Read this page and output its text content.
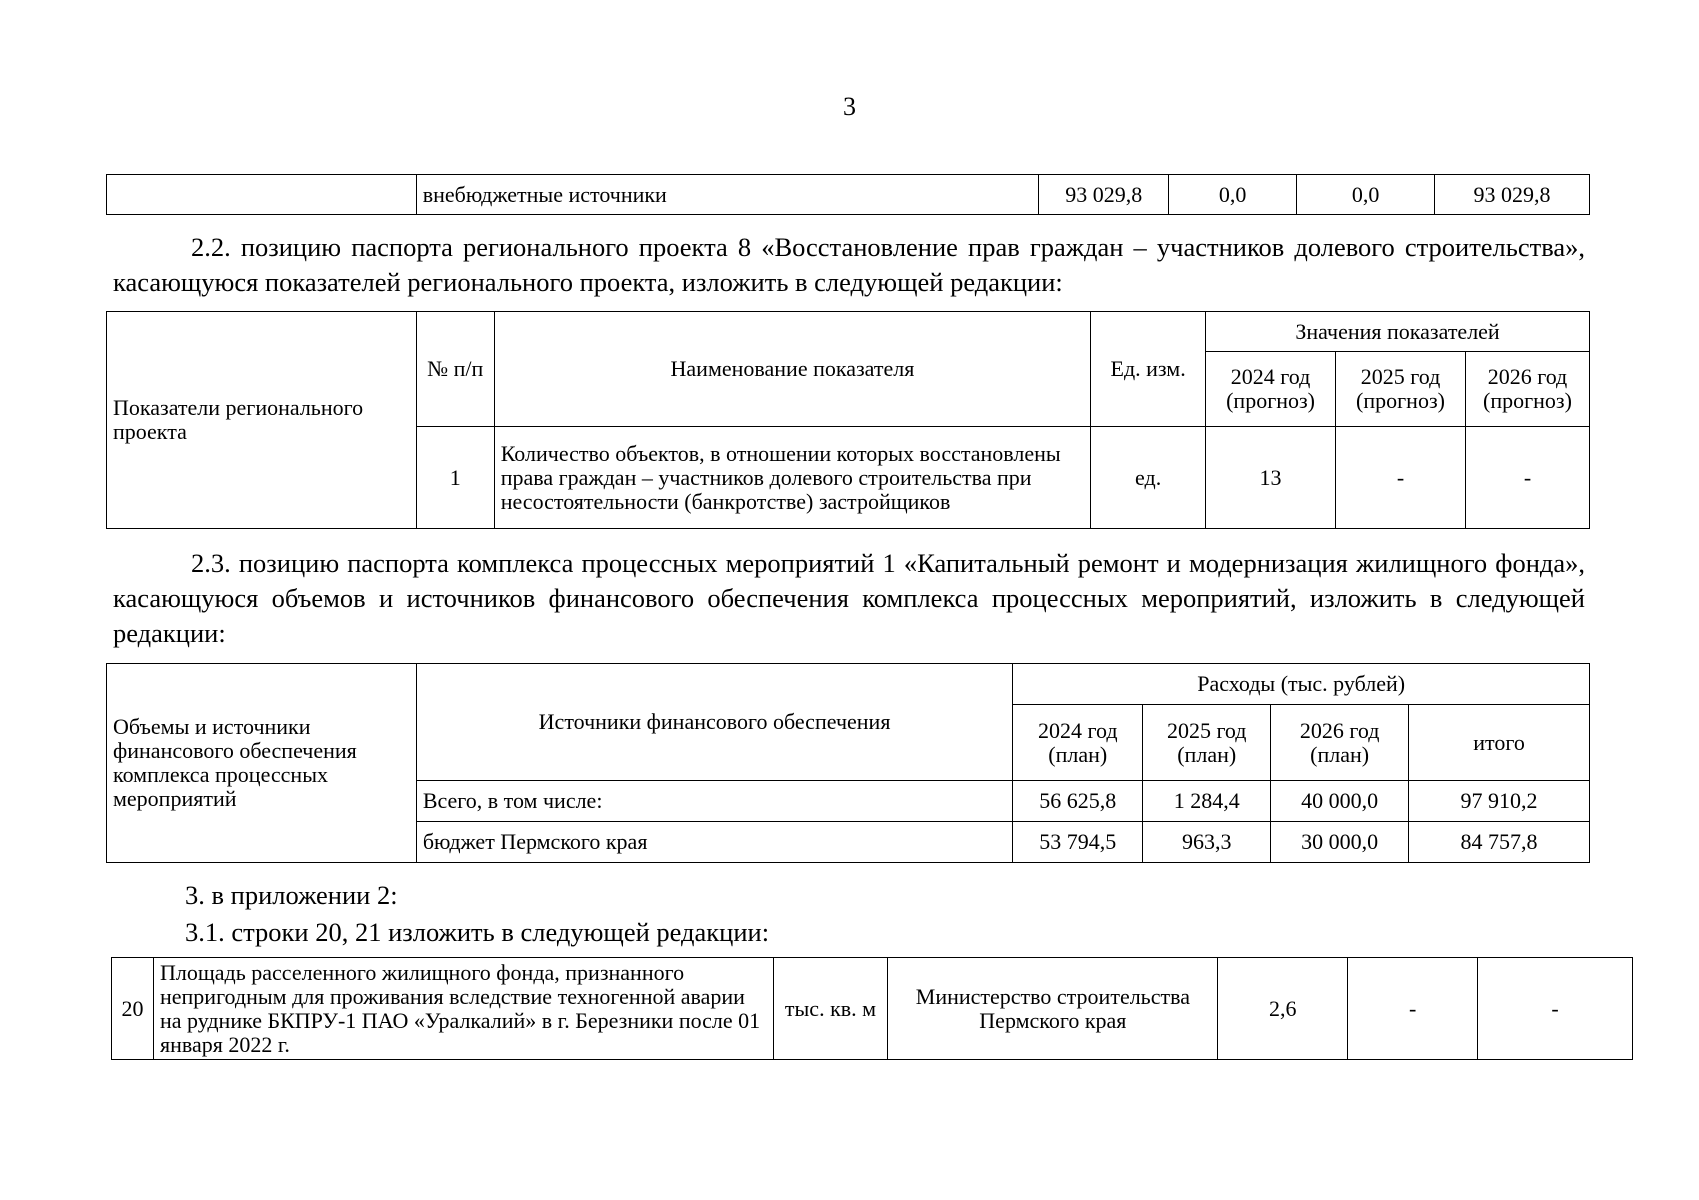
3
	внебюджетные источники	93 029,8	0,0	0,0	93 029,8
2.2. позицию паспорта регионального проекта 8 «Восстановление прав граждан – участников долевого строительства», касающуюся показателей регионального проекта, изложить в следующей редакции:
Показатели регионального проекта	№ п/п	Наименование показателя	Ед. изм.	Значения показателей		
				2024 год (прогноз)	2025 год (прогноз)	2026 год (прогноз)
	1	Количество объектов, в отношении которых восстановлены права граждан – участников долевого строительства при несостоятельности (банкротстве) застройщиков	ед.	13	-	-
2.3. позицию паспорта комплекса процессных мероприятий 1 «Капитальный ремонт и модернизация жилищного фонда», касающуюся объемов и источников финансового обеспечения комплекса процессных мероприятий, изложить в следующей редакции:
Объемы и источники финансового обеспечения комплекса процессных мероприятий	Источники финансового обеспечения	Расходы (тыс. рублей)			
		2024 год (план)	2025 год (план)	2026 год (план)	итого
	Всего, в том числе:	56 625,8	1 284,4	40 000,0	97 910,2
	бюджет Пермского края	53 794,5	963,3	30 000,0	84 757,8
3. в приложении 2:
3.1. строки 20, 21 изложить в следующей редакции:
20	Площадь расселенного жилищного фонда, признанного непригодным для проживания вследствие техногенной аварии на руднике БКПРУ-1 ПАО «Уралкалий» в г. Березники после 01 января 2022 г.	тыс. кв. м	Министерство строительства Пермского края	2,6	-	-
